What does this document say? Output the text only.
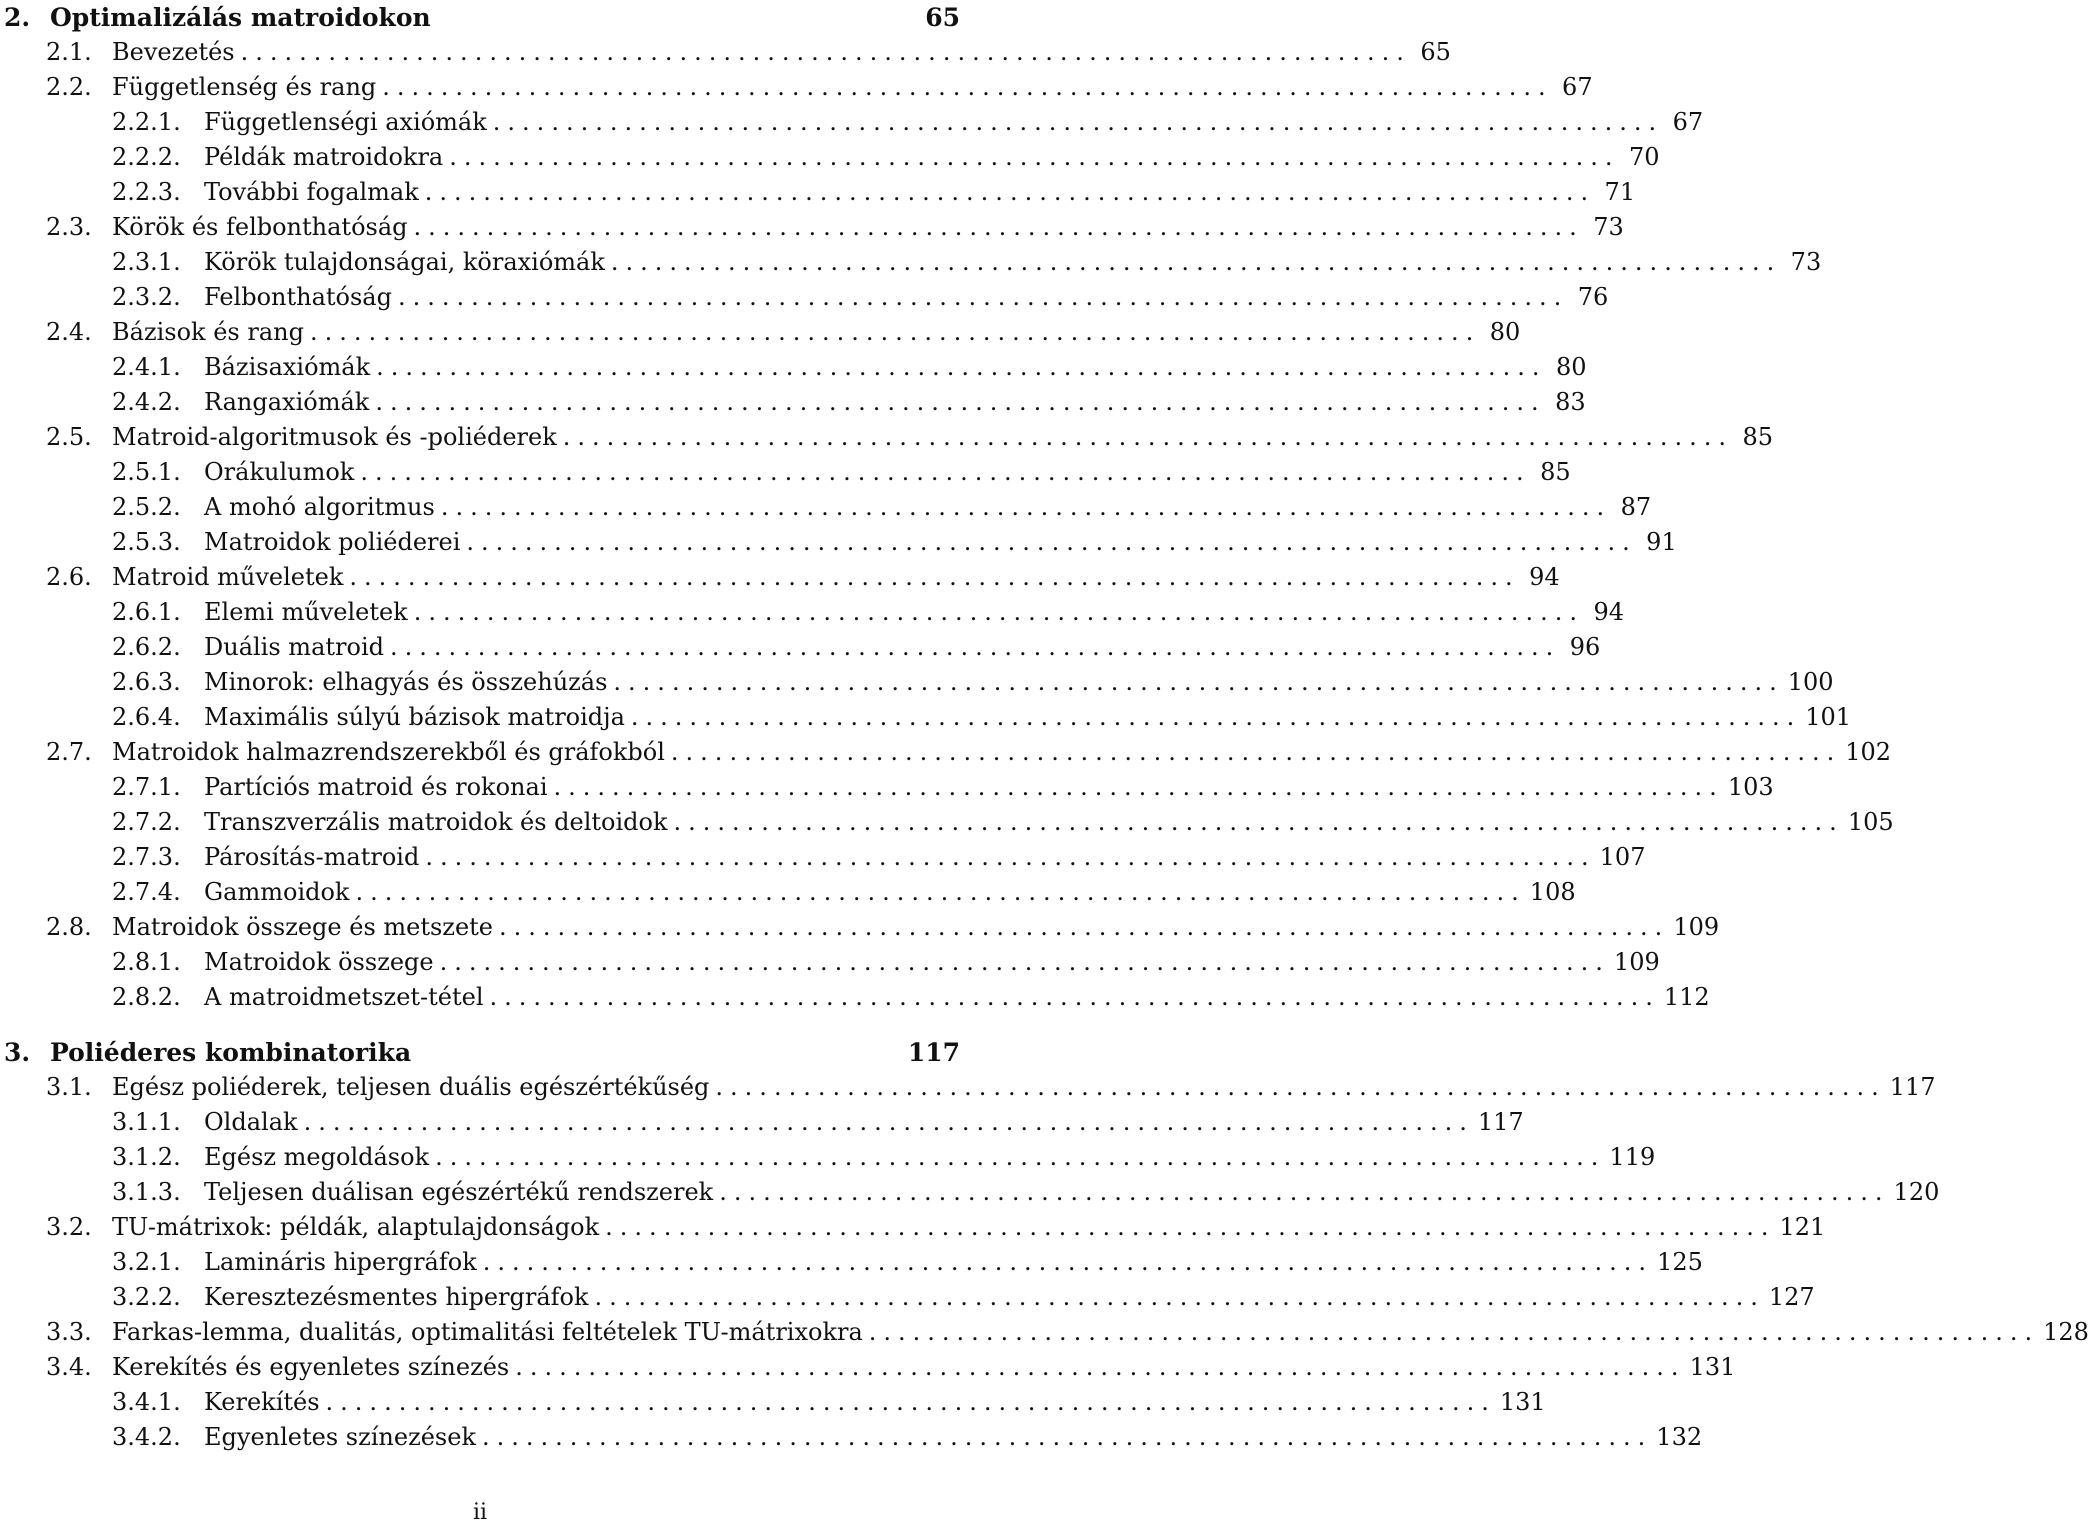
2. Optimalizálás matroidokon	65
2.1. Bevezetés ................................................................................ 65
2.2. Függetlenség és rang ................................................................................ 67
2.2.1. Függetlenségi axiómák ................................................................................ 67
2.2.2. Példák matroidokra ................................................................................ 70
2.2.3. További fogalmak ................................................................................ 71
2.3. Körök és felbonthatóság ................................................................................ 73
2.3.1. Körök tulajdonságai, köraxiómák ................................................................................ 73
2.3.2. Felbonthatóság ................................................................................ 76
2.4. Bázisok és rang ................................................................................ 80
2.4.1. Bázisaxiómák ................................................................................ 80
2.4.2. Rangaxiómák ................................................................................ 83
2.5. Matroid-algoritmusok és -poliéderek ................................................................................ 85
2.5.1. Orákulumok ................................................................................ 85
2.5.2. A mohó algoritmus ................................................................................ 87
2.5.3. Matroidok poliéderei ................................................................................ 91
2.6. Matroid műveletek ................................................................................ 94
2.6.1. Elemi műveletek ................................................................................ 94
2.6.2. Duális matroid ................................................................................ 96
2.6.3. Minorok: elhagyás és összehúzás ................................................................................ 100
2.6.4. Maximális súlyú bázisok matroidja ................................................................................ 101
2.7. Matroidok halmazrendszerekből és gráfokból ................................................................................ 102
2.7.1. Partíciós matroid és rokonai ................................................................................ 103
2.7.2. Transzverzális matroidok és deltoidok ................................................................................ 105
2.7.3. Párosítás-matroid ................................................................................ 107
2.7.4. Gammoidok ................................................................................ 108
2.8. Matroidok összege és metszete ................................................................................ 109
2.8.1. Matroidok összege ................................................................................ 109
2.8.2. A matroidmetszet-tétel ................................................................................ 112
3. Poliéderes kombinatorika	117
3.1. Egész poliéderek, teljesen duális egészértékűség ................................................................................ 117
3.1.1. Oldalak ................................................................................ 117
3.1.2. Egész megoldások ................................................................................ 119
3.1.3. Teljesen duálisan egészértékű rendszerek ................................................................................ 120
3.2. TU-mátrixok: példák, alaptulajdonságok ................................................................................ 121
3.2.1. Lamináris hipergráfok ................................................................................ 125
3.2.2. Keresztezésmentes hipergráfok ................................................................................ 127
3.3. Farkas-lemma, dualitás, optimalitási feltételek TU-mátrixokra ................................................................................ 128
3.4. Kerekítés és egyenletes színezés ................................................................................ 131
3.4.1. Kerekítés ................................................................................ 131
3.4.2. Egyenletes színezések ................................................................................ 132
ii
